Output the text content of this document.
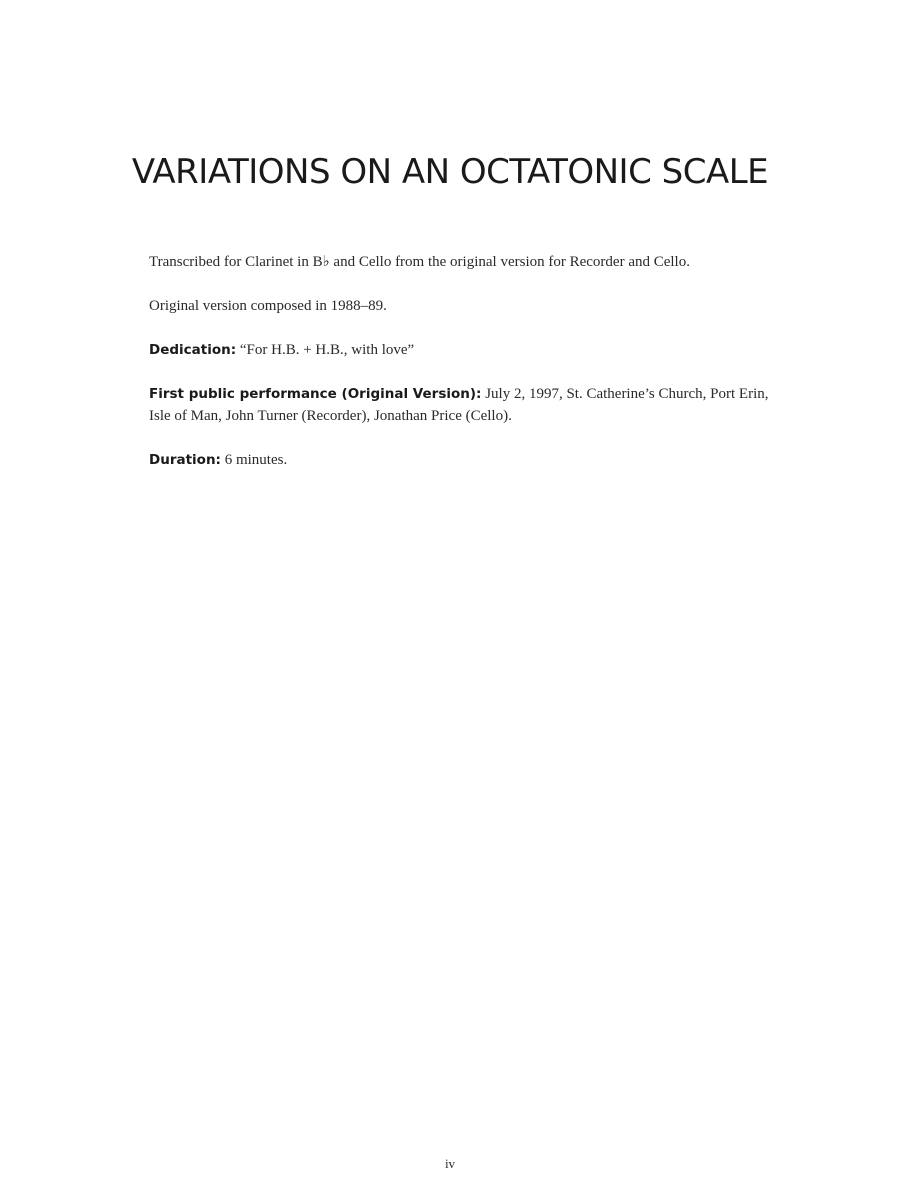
VARIATIONS ON AN OCTATONIC SCALE

Transcribed for Clarinet in B♭ and Cello from the original version for Recorder and Cello.

Original version composed in 1988–89.

Dedication: “For H.B. + H.B., with love”

First public performance (Original Version): July 2, 1997, St. Catherine’s Church, Port Erin, Isle of Man, John Turner (Recorder), Jonathan Price (Cello).

Duration: 6 minutes.

iv
